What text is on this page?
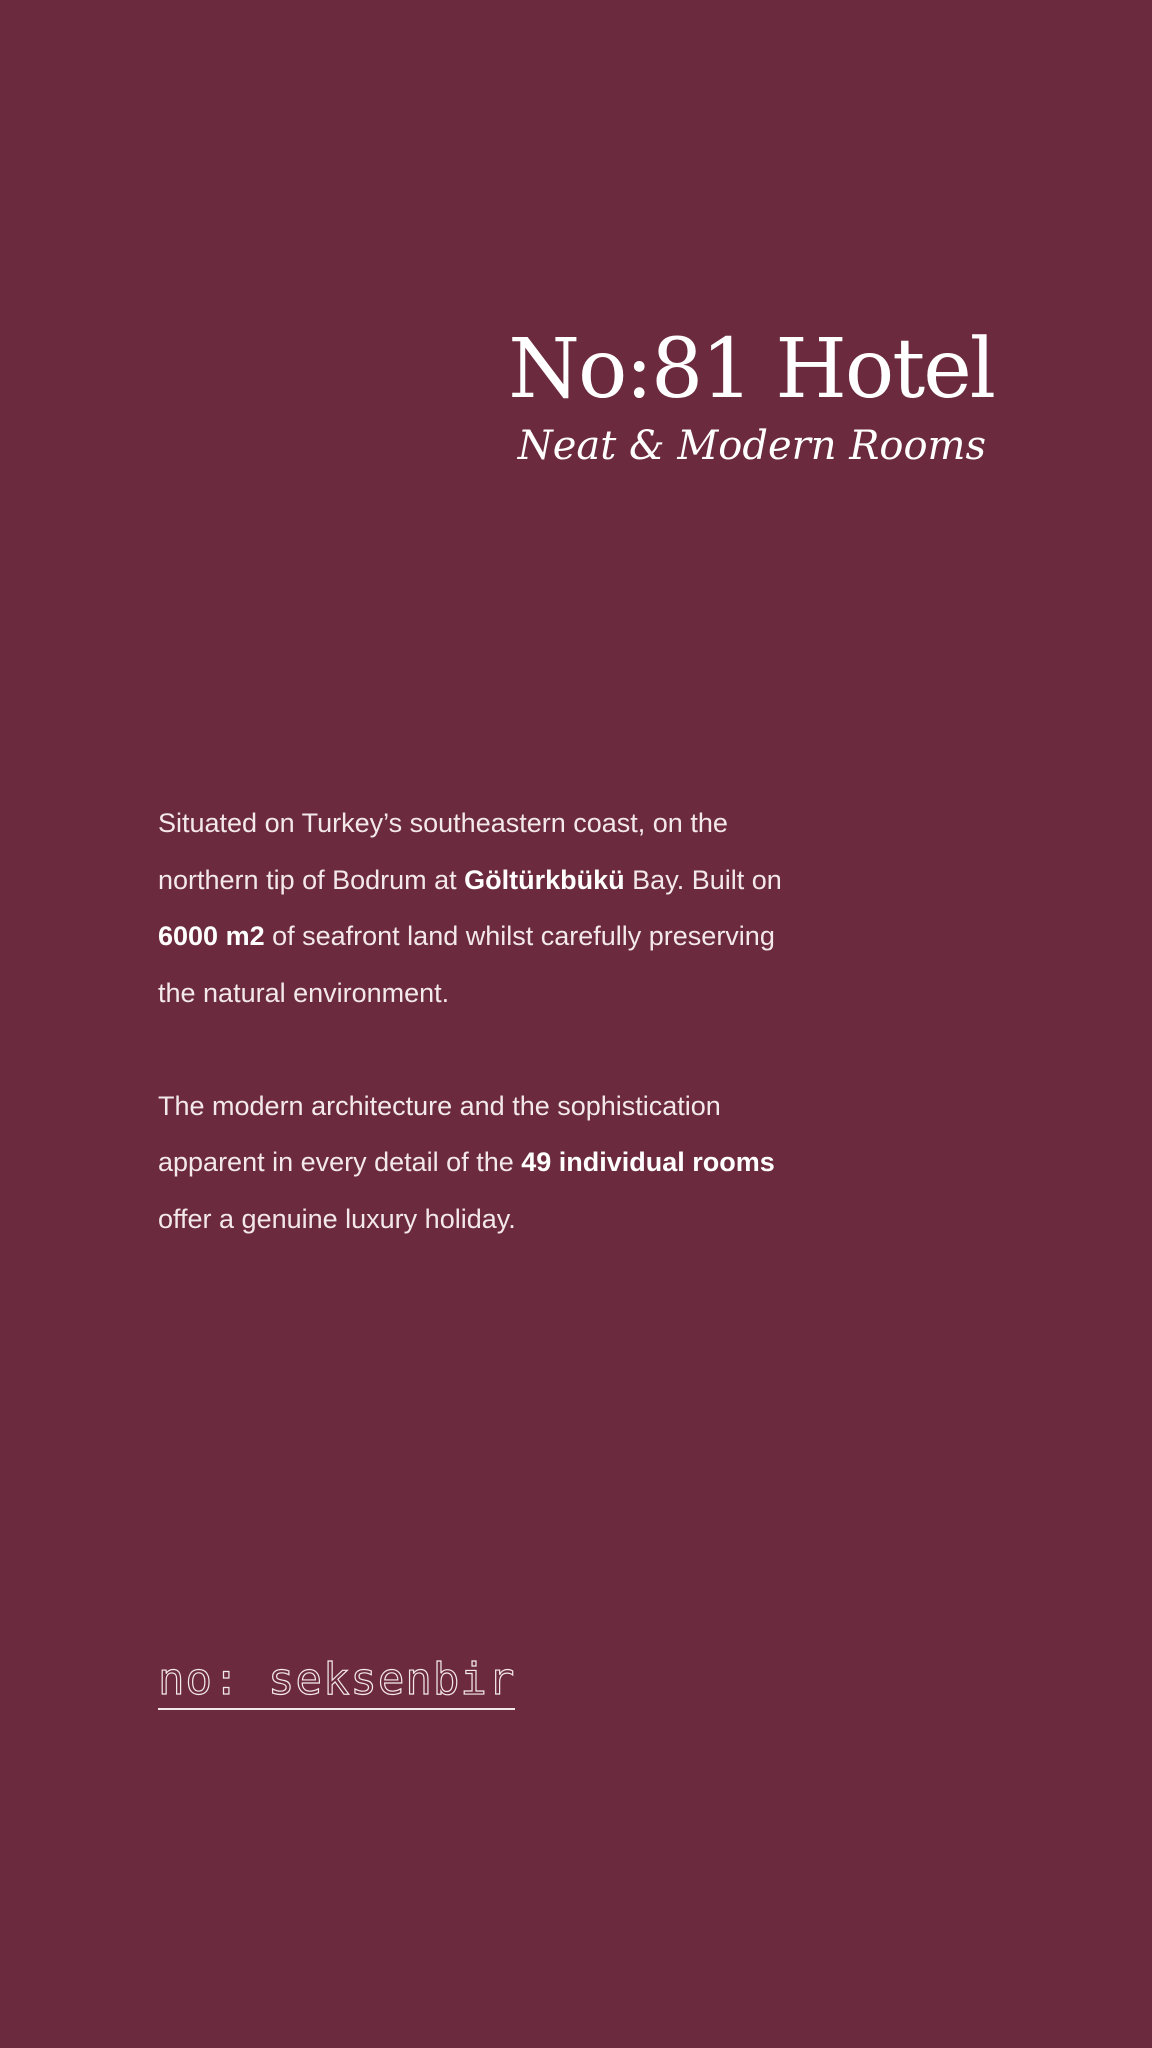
No:81 Hotel
Neat & Modern Rooms

Situated on Turkey’s southeastern coast, on the northern tip of Bodrum at Göltürkbükü Bay. Built on 6000 m2 of seafront land whilst carefully preserving the natural environment.

The modern architecture and the sophistication apparent in every detail of the 49 individual rooms offer a genuine luxury holiday.

no: seksenbir
